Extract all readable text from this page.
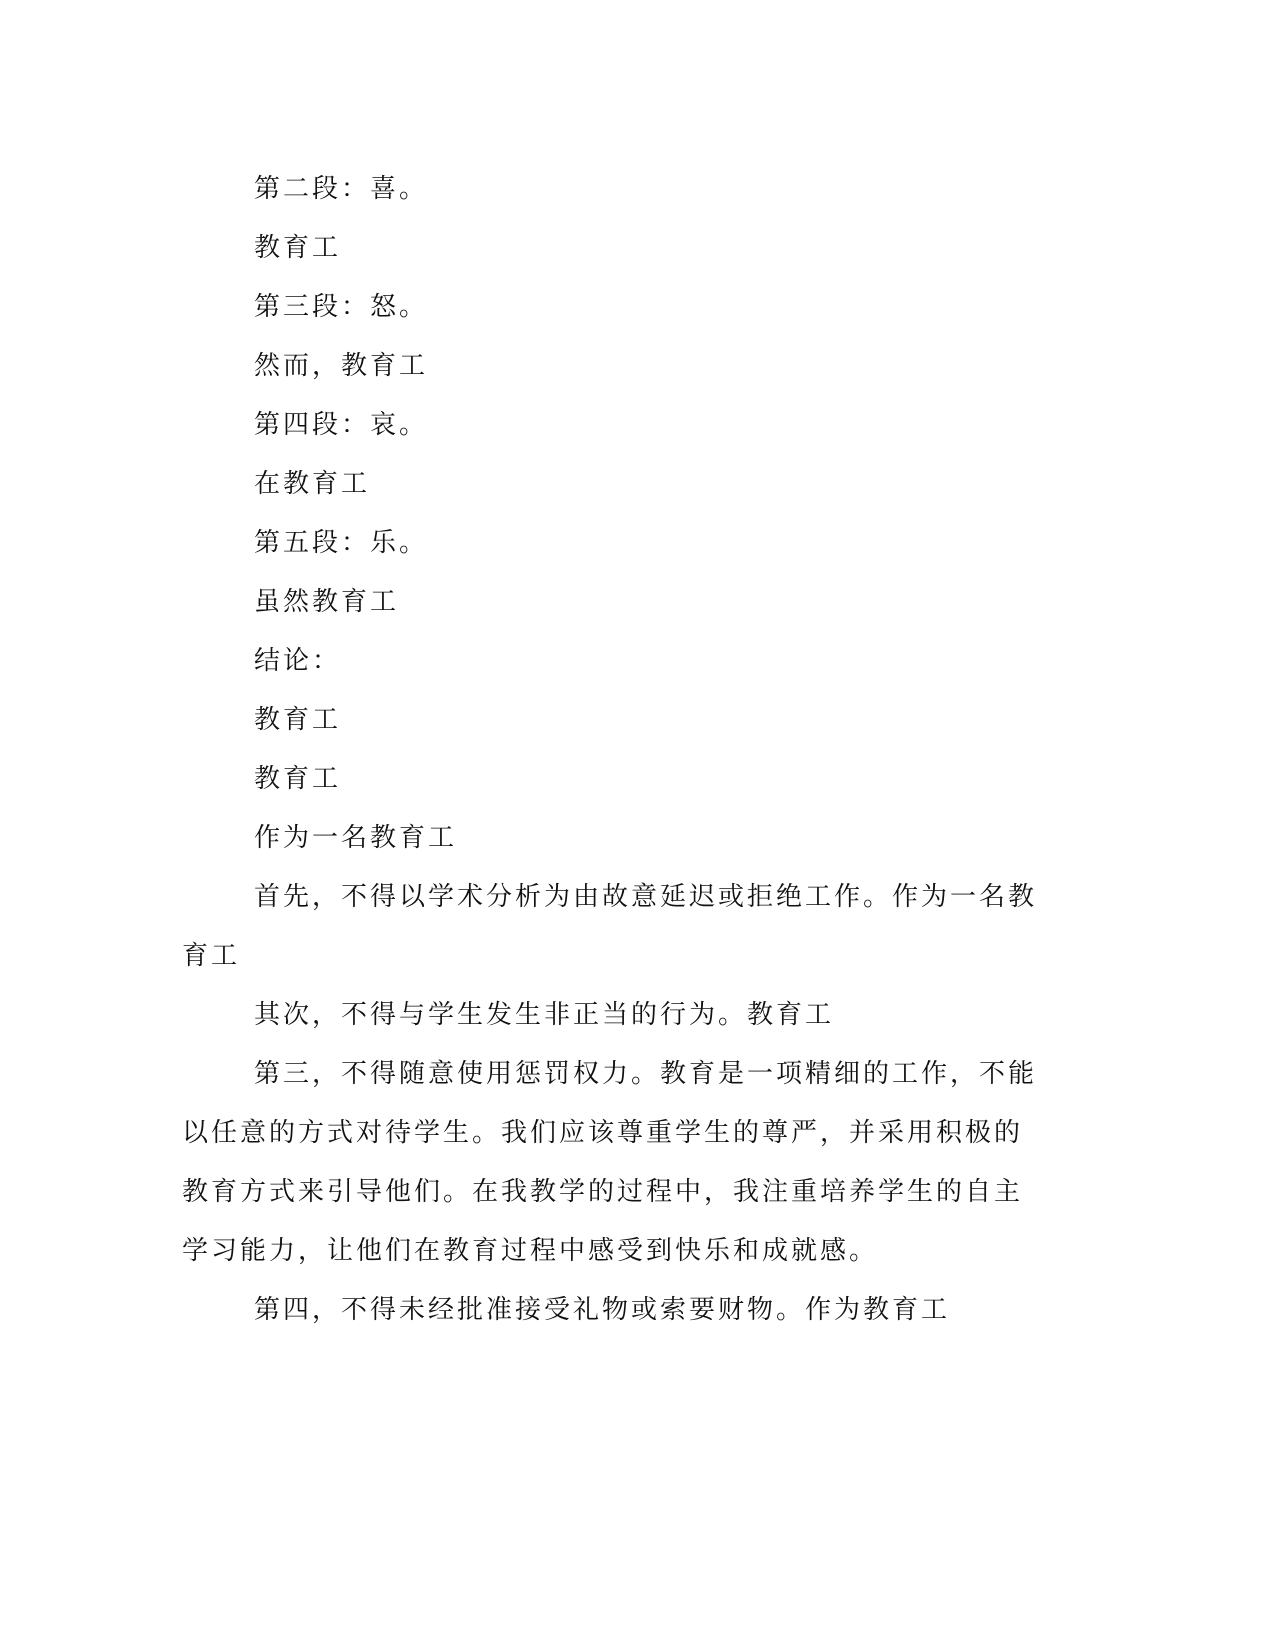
第二段：喜。

教育工

第三段：怒。

然而，教育工

第四段：哀。

在教育工

第五段：乐。

虽然教育工

结论：

教育工

教育工

作为一名教育工

首先，不得以学术分析为由故意延迟或拒绝工作。作为一名教育工

其次，不得与学生发生非正当的行为。教育工

第三，不得随意使用惩罚权力。教育是一项精细的工作，不能以任意的方式对待学生。我们应该尊重学生的尊严，并采用积极的教育方式来引导他们。在我教学的过程中，我注重培养学生的自主学习能力，让他们在教育过程中感受到快乐和成就感。

第四，不得未经批准接受礼物或索要财物。作为教育工
